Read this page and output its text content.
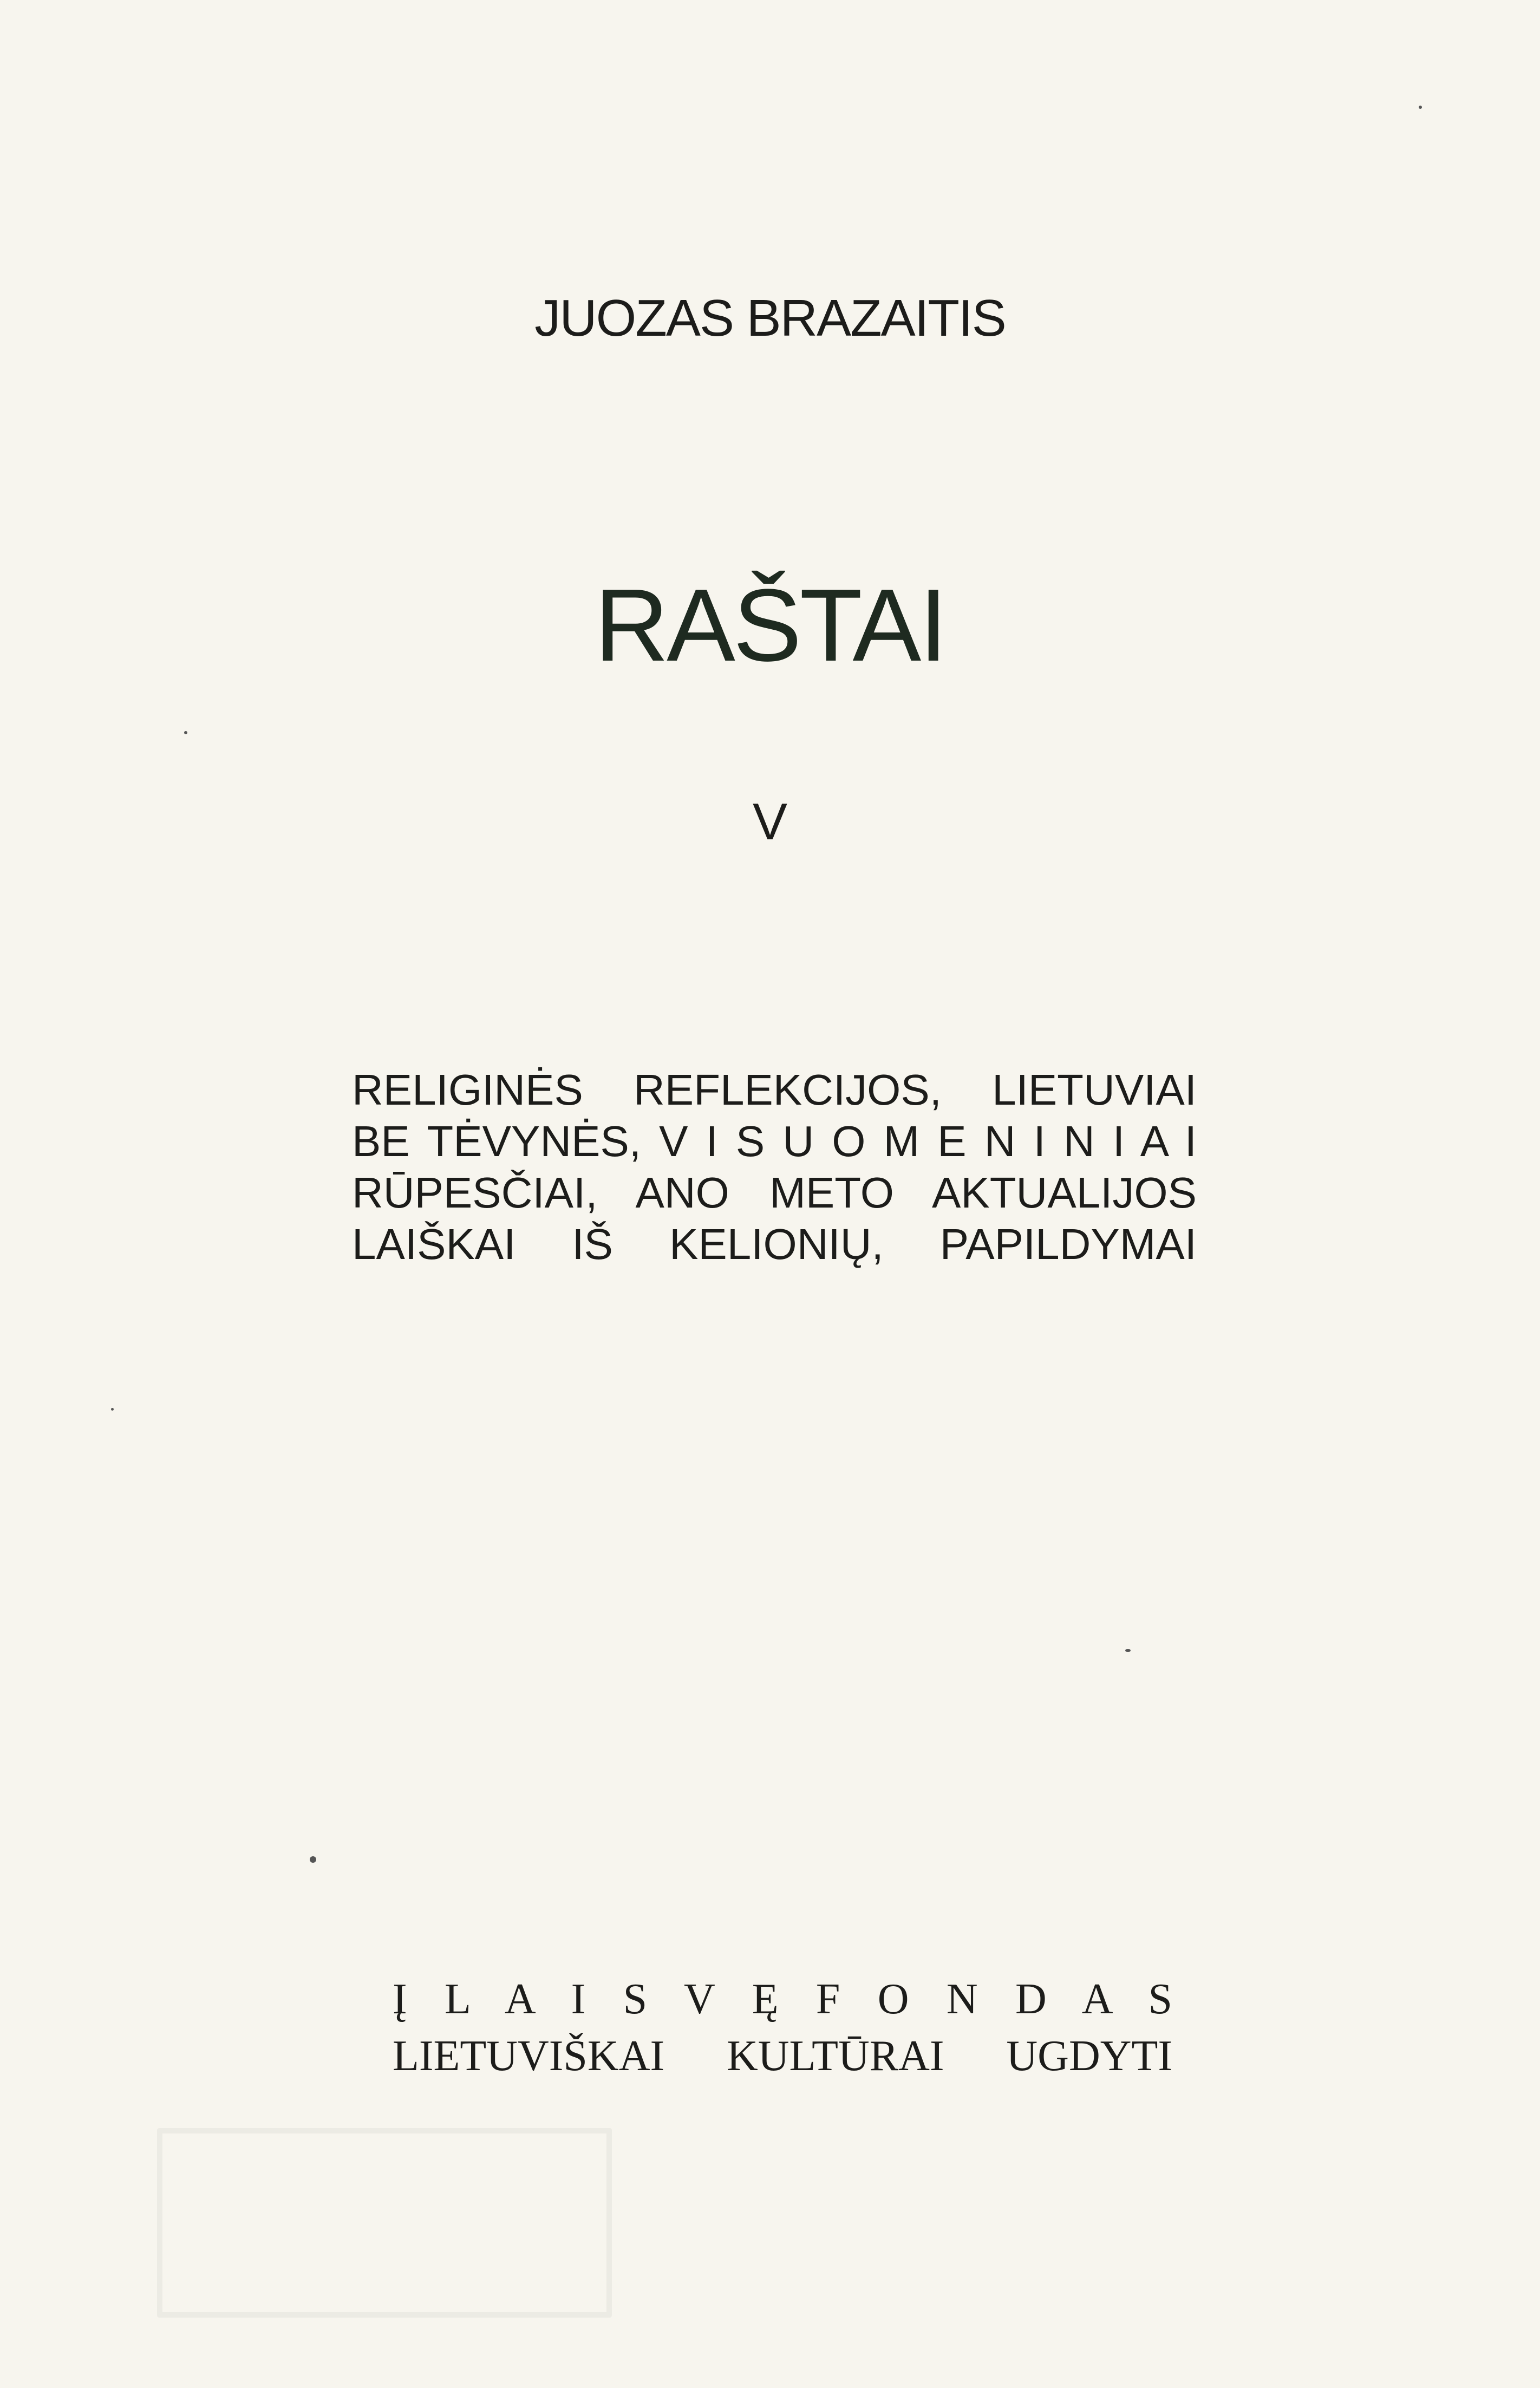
JUOZAS BRAZAITIS
RAŠTAI
V
RELIGINĖS REFLEKCIJOS, LIETUVIAI
BE TĖVYNĖS, V I S U O M E N I N I A I
RŪPESČIAI, ANO METO AKTUALIJOS
LAIŠKAI IŠ KELIONIŲ, PAPILDYMAI
Į L A I S V Ę F O N D A S
LIETUVIŠKAI KULTŪRAI UGDYTI
